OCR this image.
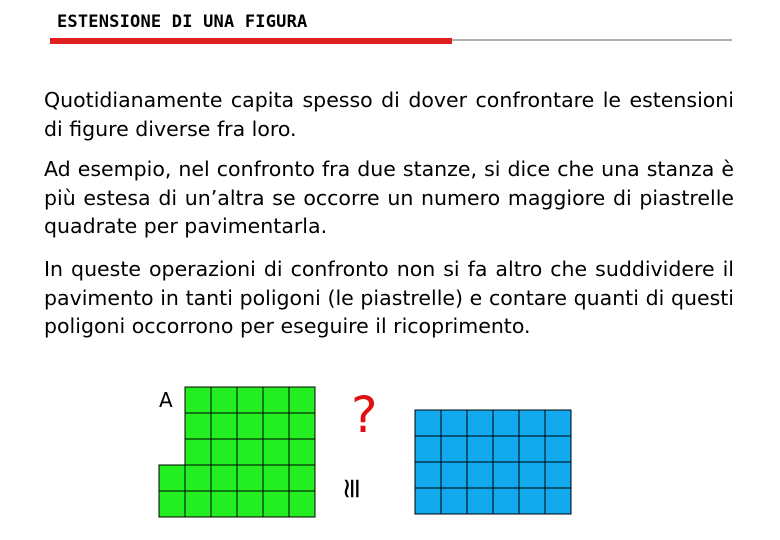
ESTENSIONE DI UNA FIGURA

Quotidianamente capita spesso di dover confrontare le estensioni di figure diverse fra loro.

Ad esempio, nel confronto fra due stanze, si dice che una stanza è più estesa di un’altra se occorre un numero maggiore di piastrelle quadrate per pavimentarla.

In queste operazioni di confronto non si fa altro che suddividere il pavimento in tanti poligoni (le piastrelle) e contare quanti di questi poligoni occorrono per eseguire il ricoprimento.

A	?
≅
